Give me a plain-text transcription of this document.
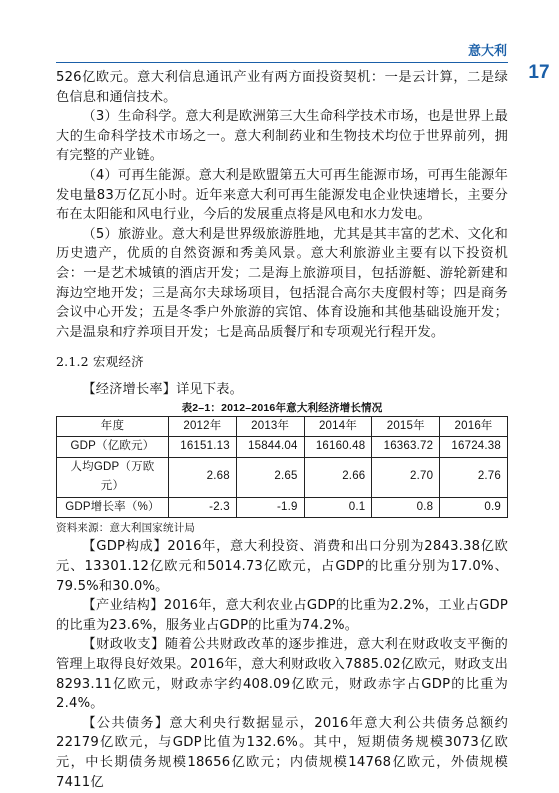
意大利
17
526亿欧元。意大利信息通讯产业有两方面投资契机：一是云计算，二是绿色信息和通信技术。
（3）生命科学。意大利是欧洲第三大生命科学技术市场，也是世界上最大的生命科学技术市场之一。意大利制药业和生物技术均位于世界前列，拥有完整的产业链。
（4）可再生能源。意大利是欧盟第五大可再生能源市场，可再生能源年发电量83万亿瓦小时。近年来意大利可再生能源发电企业快速增长，主要分布在太阳能和风电行业，今后的发展重点将是风电和水力发电。
（5）旅游业。意大利是世界级旅游胜地，尤其是其丰富的艺术、文化和历史遗产，优质的自然资源和秀美风景。意大利旅游业主要有以下投资机会：一是艺术城镇的酒店开发；二是海上旅游项目，包括游艇、游轮新建和海边空地开发；三是高尔夫球场项目，包括混合高尔夫度假村等；四是商务会议中心开发；五是冬季户外旅游的宾馆、体育设施和其他基础设施开发；六是温泉和疗养项目开发；七是高品质餐厅和专项观光行程开发。
2.1.2 宏观经济
【经济增长率】详见下表。
表2–1：2012–2016年意大利经济增长情况
年度	2012年	2013年	2014年	2015年	2016年
GDP（亿欧元）	16151.13	15844.04	16160.48	16363.72	16724.38
人均GDP（万欧元）	2.68	2.65	2.66	2.70	2.76
GDP增长率（%）	-2.3	-1.9	0.1	0.8	0.9
资料来源：意大利国家统计局
【GDP构成】2016年，意大利投资、消费和出口分别为2843.38亿欧元、13301.12亿欧元和5014.73亿欧元，占GDP的比重分别为17.0%、79.5%和30.0%。
【产业结构】2016年，意大利农业占GDP的比重为2.2%，工业占GDP的比重为23.6%，服务业占GDP的比重为74.2%。
【财政收支】随着公共财政改革的逐步推进，意大利在财政收支平衡的管理上取得良好效果。2016年，意大利财政收入7885.02亿欧元，财政支出8293.11亿欧元，财政赤字约408.09亿欧元，财政赤字占GDP的比重为2.4%。
【公共债务】意大利央行数据显示，2016年意大利公共债务总额约22179亿欧元，与GDP比值为132.6%。其中，短期债务规模3073亿欧元，中长期债务规模18656亿欧元；内债规模14768亿欧元，外债规模7411亿
